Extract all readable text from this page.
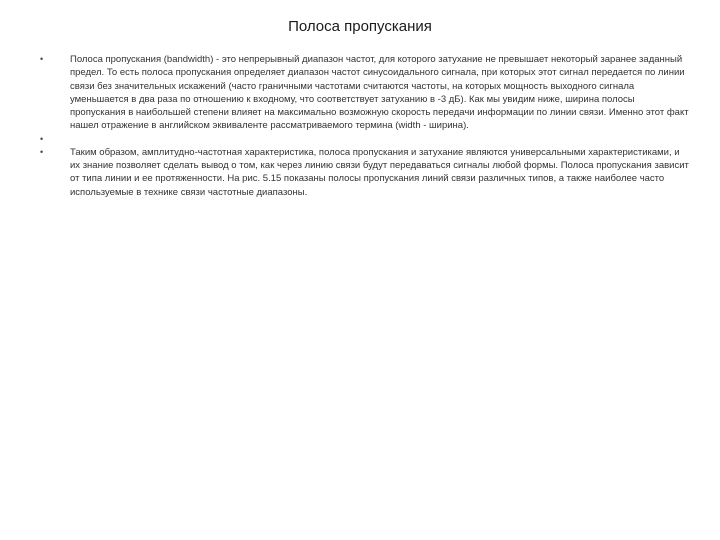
Полоса пропускания
•	Полоса пропускания (bandwidth) - это непрерывный диапазон частот, для которого затухание не превышает некоторый заранее заданный предел. То есть полоса пропускания определяет диапазон частот синусоидального сигнала, при которых этот сигнал передается по линии связи без значительных искажений (часто граничными частотами считаются частоты, на которых мощность выходного сигнала уменьшается в два раза по отношению к входному, что соответствует затуханию в -3 дБ). Как мы увидим ниже, ширина полосы пропускания в наибольшей степени влияет на максимально возможную скорость передачи информации по линии связи. Именно этот факт нашел отражение в английском эквиваленте рассматриваемого термина (width - ширина).
•
•	Таким образом, амплитудно-частотная характеристика, полоса пропускания и затухание являются универсальными характеристиками, и их знание позволяет сделать вывод о том, как через линию связи будут передаваться сигналы любой формы. Полоса пропускания зависит от типа линии и ее протяженности. На рис. 5.15 показаны полосы пропускания линий связи различных типов, а также наиболее часто используемые в технике связи частотные диапазоны.
